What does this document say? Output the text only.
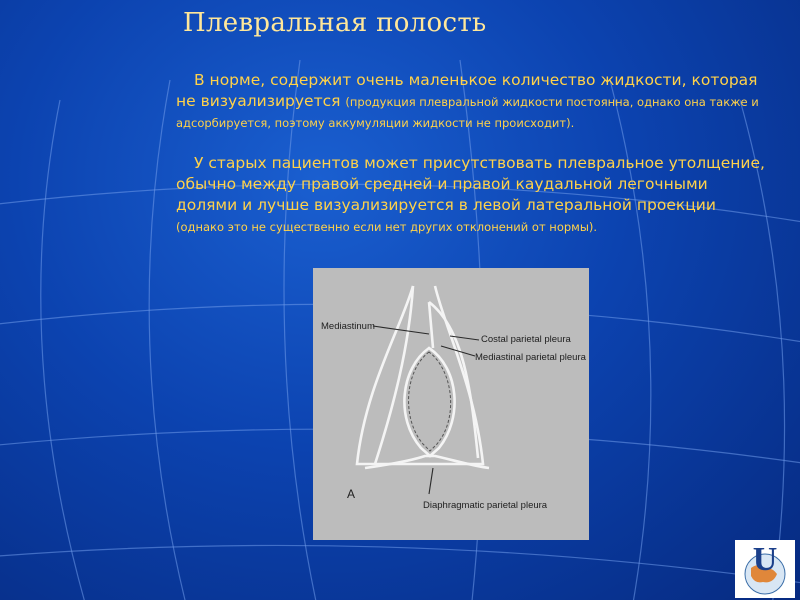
Плевральная полость
В норме, содержит очень маленькое количество жидкости, которая не визуализируется (продукция плевральной жидкости постоянна, однако она также и адсорбируется, поэтому аккумуляции жидкости не происходит).
У старых пациентов может присутствовать плевральное утолщение, обычно между правой средней и правой каудальной легочными долями и лучше визуализируется в левой латеральной проекции (однако это не существенно если нет других отклонений от нормы).
Mediastinum
Costal parietal pleura
Mediastinal parietal pleura
Diaphragmatic parietal pleura
A
U
